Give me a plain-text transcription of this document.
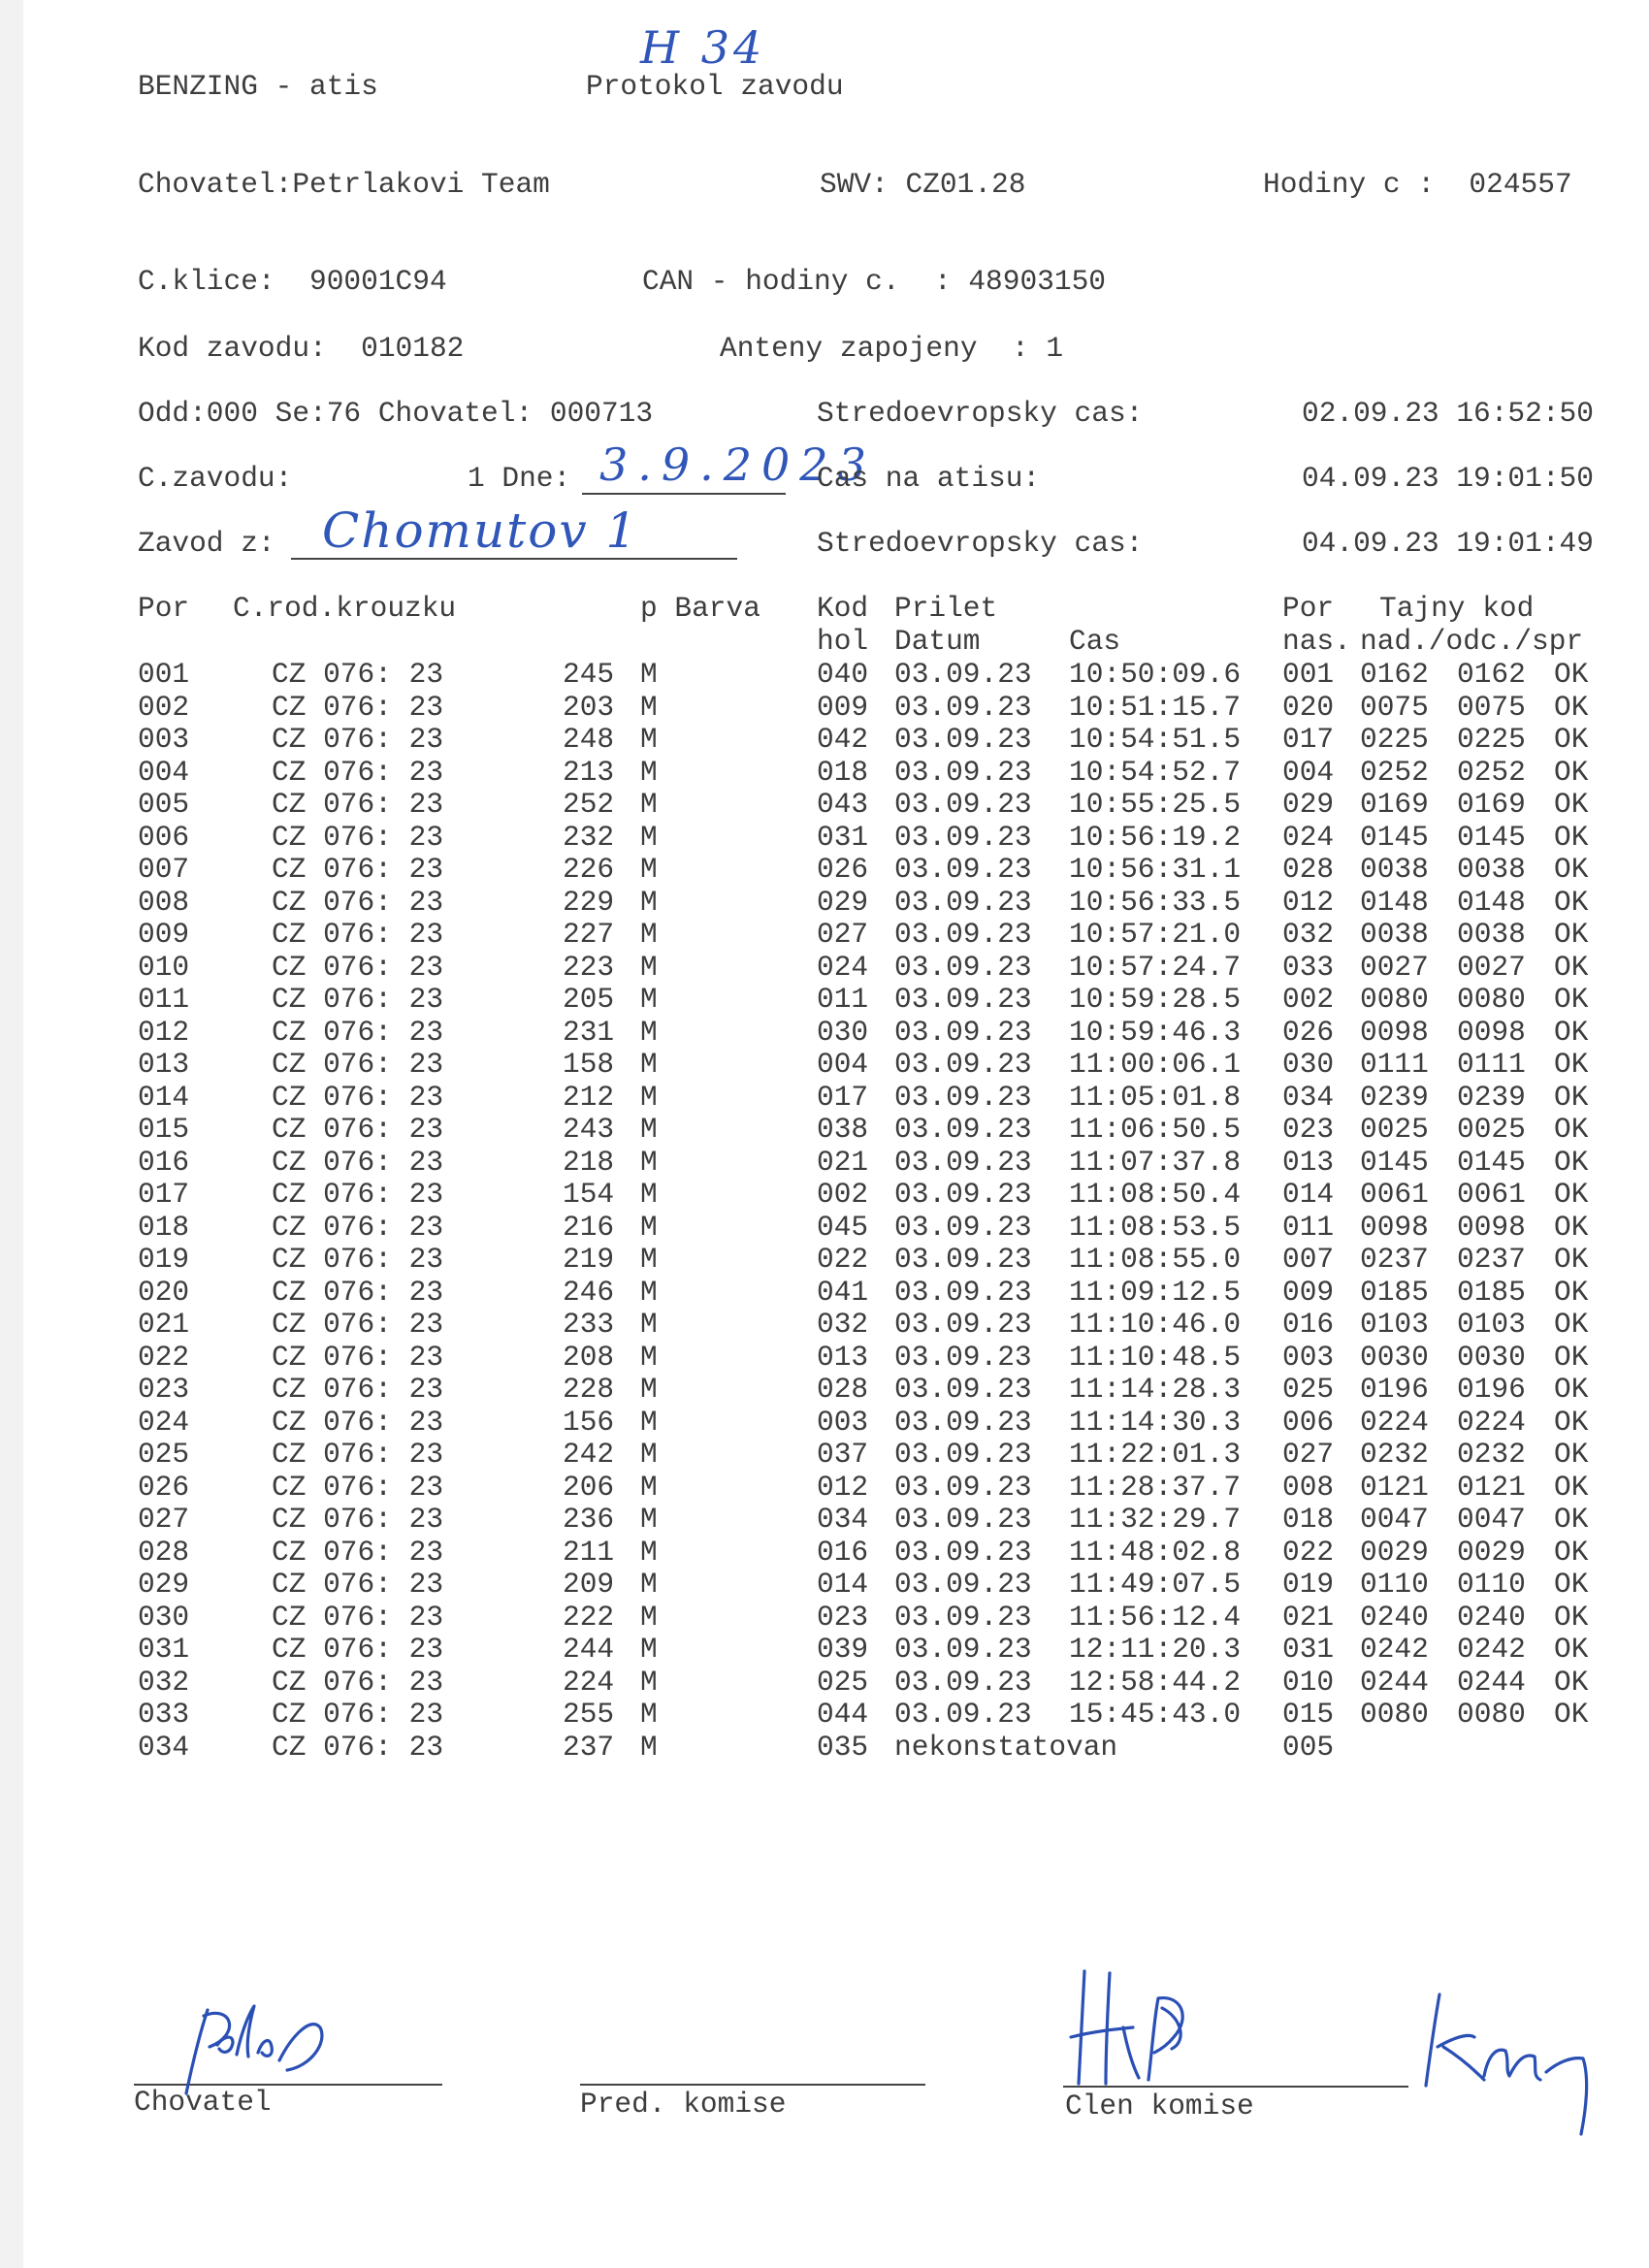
H 34
BENZING - atis	Protokol zavodu
Chovatel:Petrlakovi Team	SWV: CZ01.28	Hodiny c :  024557
C.klice:  90001C94	CAN - hodiny c.  : 48903150
Kod zavodu:  010182	Anteny zapojeny  : 1
Odd:000 Se:76 Chovatel: 000713	Stredoevropsky cas:	02.09.23 16:52:50
C.zavodu:	1 Dne: 3.9.2023
Cas na atisu:	04.09.23 19:01:50
Zavod z: Chomutov 1	Stredoevropsky cas:	04.09.23 19:01:49
Por C.rod.krouzku	p Barva Kod Prilet	Por Tajny kod
hol Datum	Cas	nas. nad./odc./spr
001	CZ 076: 23	245 M	040 03.09.23 10:50:09.6 001 0162 0162 OK
002	CZ 076: 23	203 M	009 03.09.23 10:51:15.7 020 0075 0075 OK
003	CZ 076: 23	248 M	042 03.09.23 10:54:51.5 017 0225 0225 OK
004	CZ 076: 23	213 M	018 03.09.23 10:54:52.7 004 0252 0252 OK
005	CZ 076: 23	252 M	043 03.09.23 10:55:25.5 029 0169 0169 OK
006	CZ 076: 23	232 M	031 03.09.23 10:56:19.2 024 0145 0145 OK
007	CZ 076: 23	226 M	026 03.09.23 10:56:31.1 028 0038 0038 OK
008	CZ 076: 23	229 M	029 03.09.23 10:56:33.5 012 0148 0148 OK
009	CZ 076: 23	227 M	027 03.09.23 10:57:21.0 032 0038 0038 OK
010	CZ 076: 23	223 M	024 03.09.23 10:57:24.7 033 0027 0027 OK
011	CZ 076: 23	205 M	011 03.09.23 10:59:28.5 002 0080 0080 OK
012	CZ 076: 23	231 M	030 03.09.23 10:59:46.3 026 0098 0098 OK
013	CZ 076: 23	158 M	004 03.09.23 11:00:06.1 030 0111 0111 OK
014	CZ 076: 23	212 M	017 03.09.23 11:05:01.8 034 0239 0239 OK
015	CZ 076: 23	243 M	038 03.09.23 11:06:50.5 023 0025 0025 OK
016	CZ 076: 23	218 M	021 03.09.23 11:07:37.8 013 0145 0145 OK
017	CZ 076: 23	154 M	002 03.09.23 11:08:50.4 014 0061 0061 OK
018	CZ 076: 23	216 M	045 03.09.23 11:08:53.5 011 0098 0098 OK
019	CZ 076: 23	219 M	022 03.09.23 11:08:55.0 007 0237 0237 OK
020	CZ 076: 23	246 M	041 03.09.23 11:09:12.5 009 0185 0185 OK
021	CZ 076: 23	233 M	032 03.09.23 11:10:46.0 016 0103 0103 OK
022	CZ 076: 23	208 M	013 03.09.23 11:10:48.5 003 0030 0030 OK
023	CZ 076: 23	228 M	028 03.09.23 11:14:28.3 025 0196 0196 OK
024	CZ 076: 23	156 M	003 03.09.23 11:14:30.3 006 0224 0224 OK
025	CZ 076: 23	242 M	037 03.09.23 11:22:01.3 027 0232 0232 OK
026	CZ 076: 23	206 M	012 03.09.23 11:28:37.7 008 0121 0121 OK
027	CZ 076: 23	236 M	034 03.09.23 11:32:29.7 018 0047 0047 OK
028	CZ 076: 23	211 M	016 03.09.23 11:48:02.8 022 0029 0029 OK
029	CZ 076: 23	209 M	014 03.09.23 11:49:07.5 019 0110 0110 OK
030	CZ 076: 23	222 M	023 03.09.23 11:56:12.4 021 0240 0240 OK
031	CZ 076: 23	244 M	039 03.09.23 12:11:20.3 031 0242 0242 OK
032	CZ 076: 23	224 M	025 03.09.23 12:58:44.2 010 0244 0244 OK
033	CZ 076: 23	255 M	044 03.09.23 15:45:43.0 015 0080 0080 OK
034	CZ 076: 23	237 M	035 nekonstatovan	005
Chovatel	Pred. komise	Clen komise
